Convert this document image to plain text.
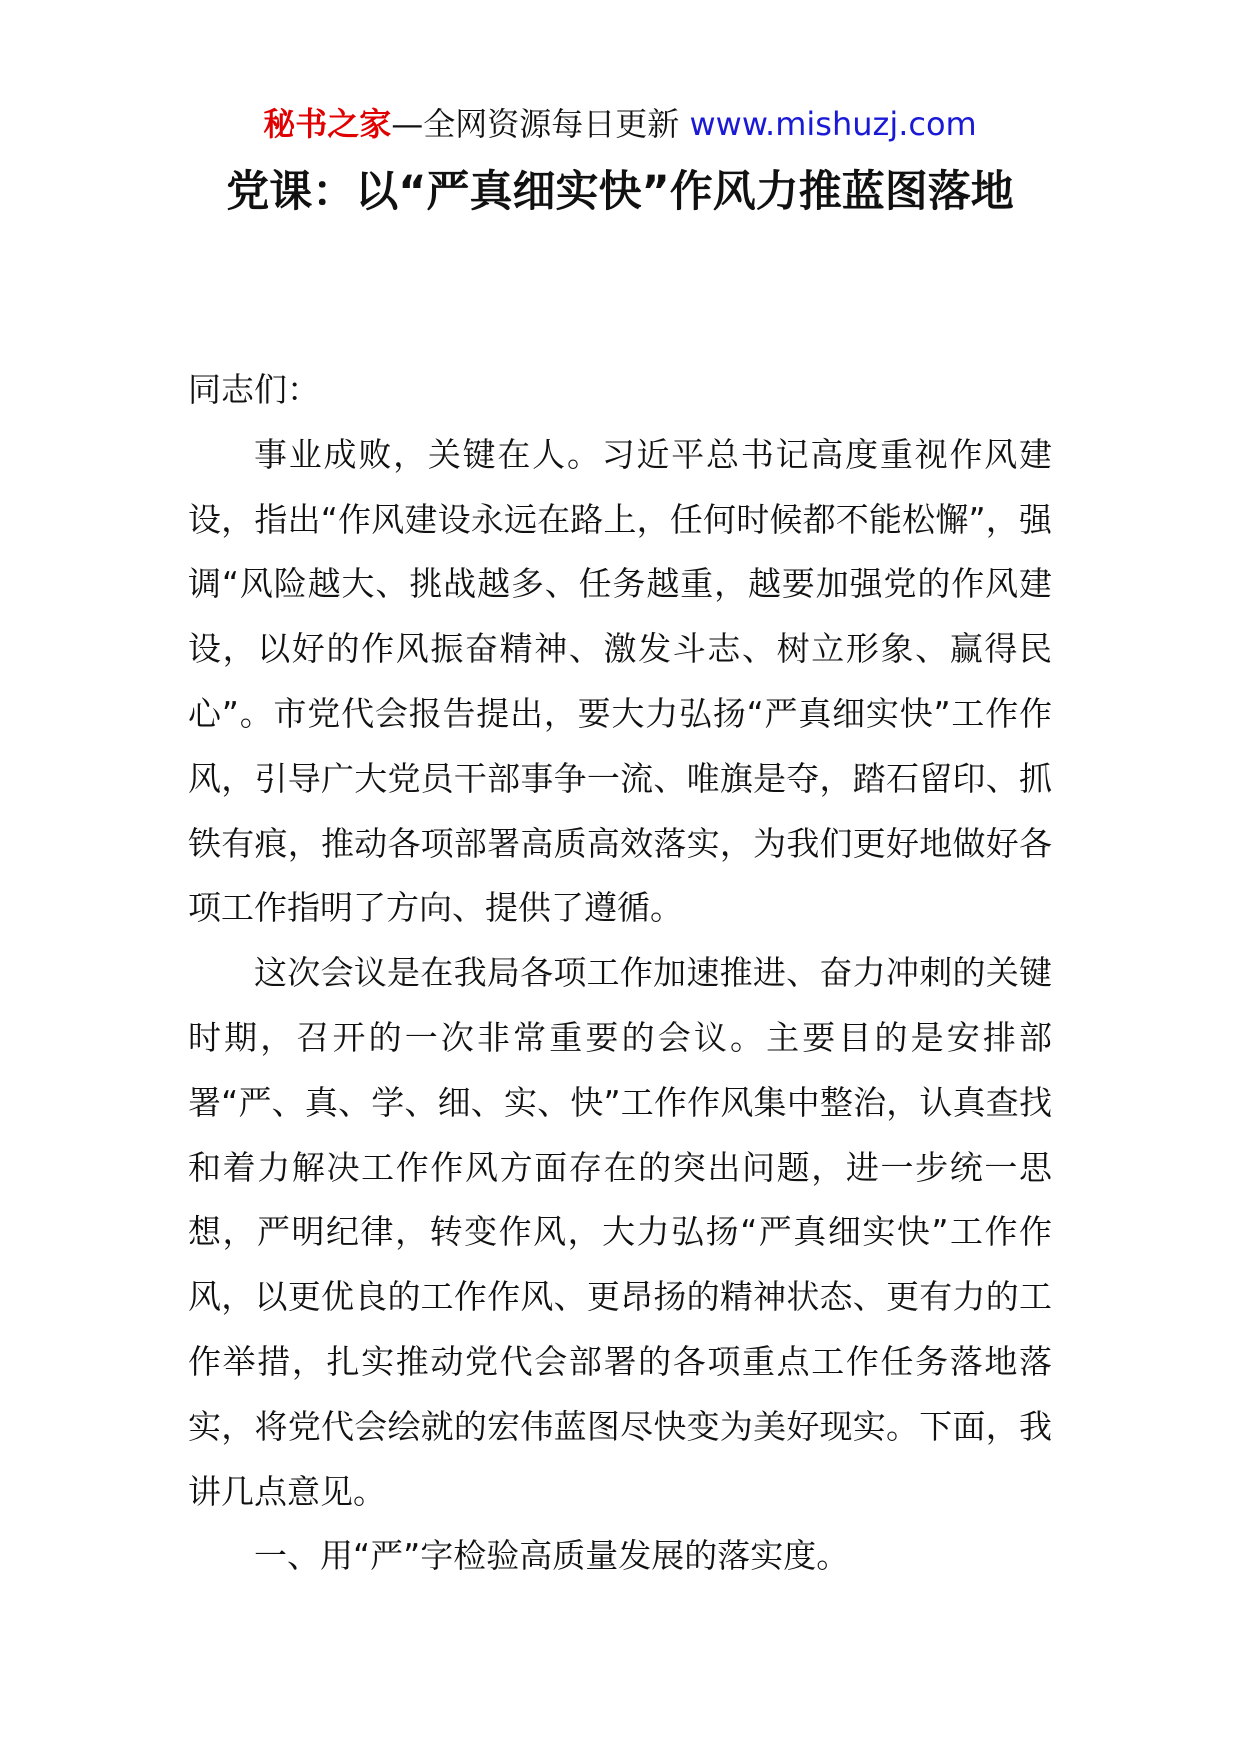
秘书之家—全网资源每日更新 www.mishuzj.com
党课：以“严真细实快”作风力推蓝图落地

同志们：

事业成败，关键在人。习近平总书记高度重视作风建设，指出“作风建设永远在路上，任何时候都不能松懈”，强调“风险越大、挑战越多、任务越重，越要加强党的作风建设，以好的作风振奋精神、激发斗志、树立形象、赢得民心”。市党代会报告提出，要大力弘扬“严真细实快”工作作风，引导广大党员干部事争一流、唯旗是夺，踏石留印、抓铁有痕，推动各项部署高质高效落实，为我们更好地做好各项工作指明了方向、提供了遵循。

这次会议是在我局各项工作加速推进、奋力冲刺的关键时期，召开的一次非常重要的会议。主要目的是安排部署“严、真、学、细、实、快”工作作风集中整治，认真查找和着力解决工作作风方面存在的突出问题，进一步统一思想，严明纪律，转变作风，大力弘扬“严真细实快”工作作风，以更优良的工作作风、更昂扬的精神状态、更有力的工作举措，扎实推动党代会部署的各项重点工作任务落地落实，将党代会绘就的宏伟蓝图尽快变为美好现实。下面，我讲几点意见。

一、用“严”字检验高质量发展的落实度。
